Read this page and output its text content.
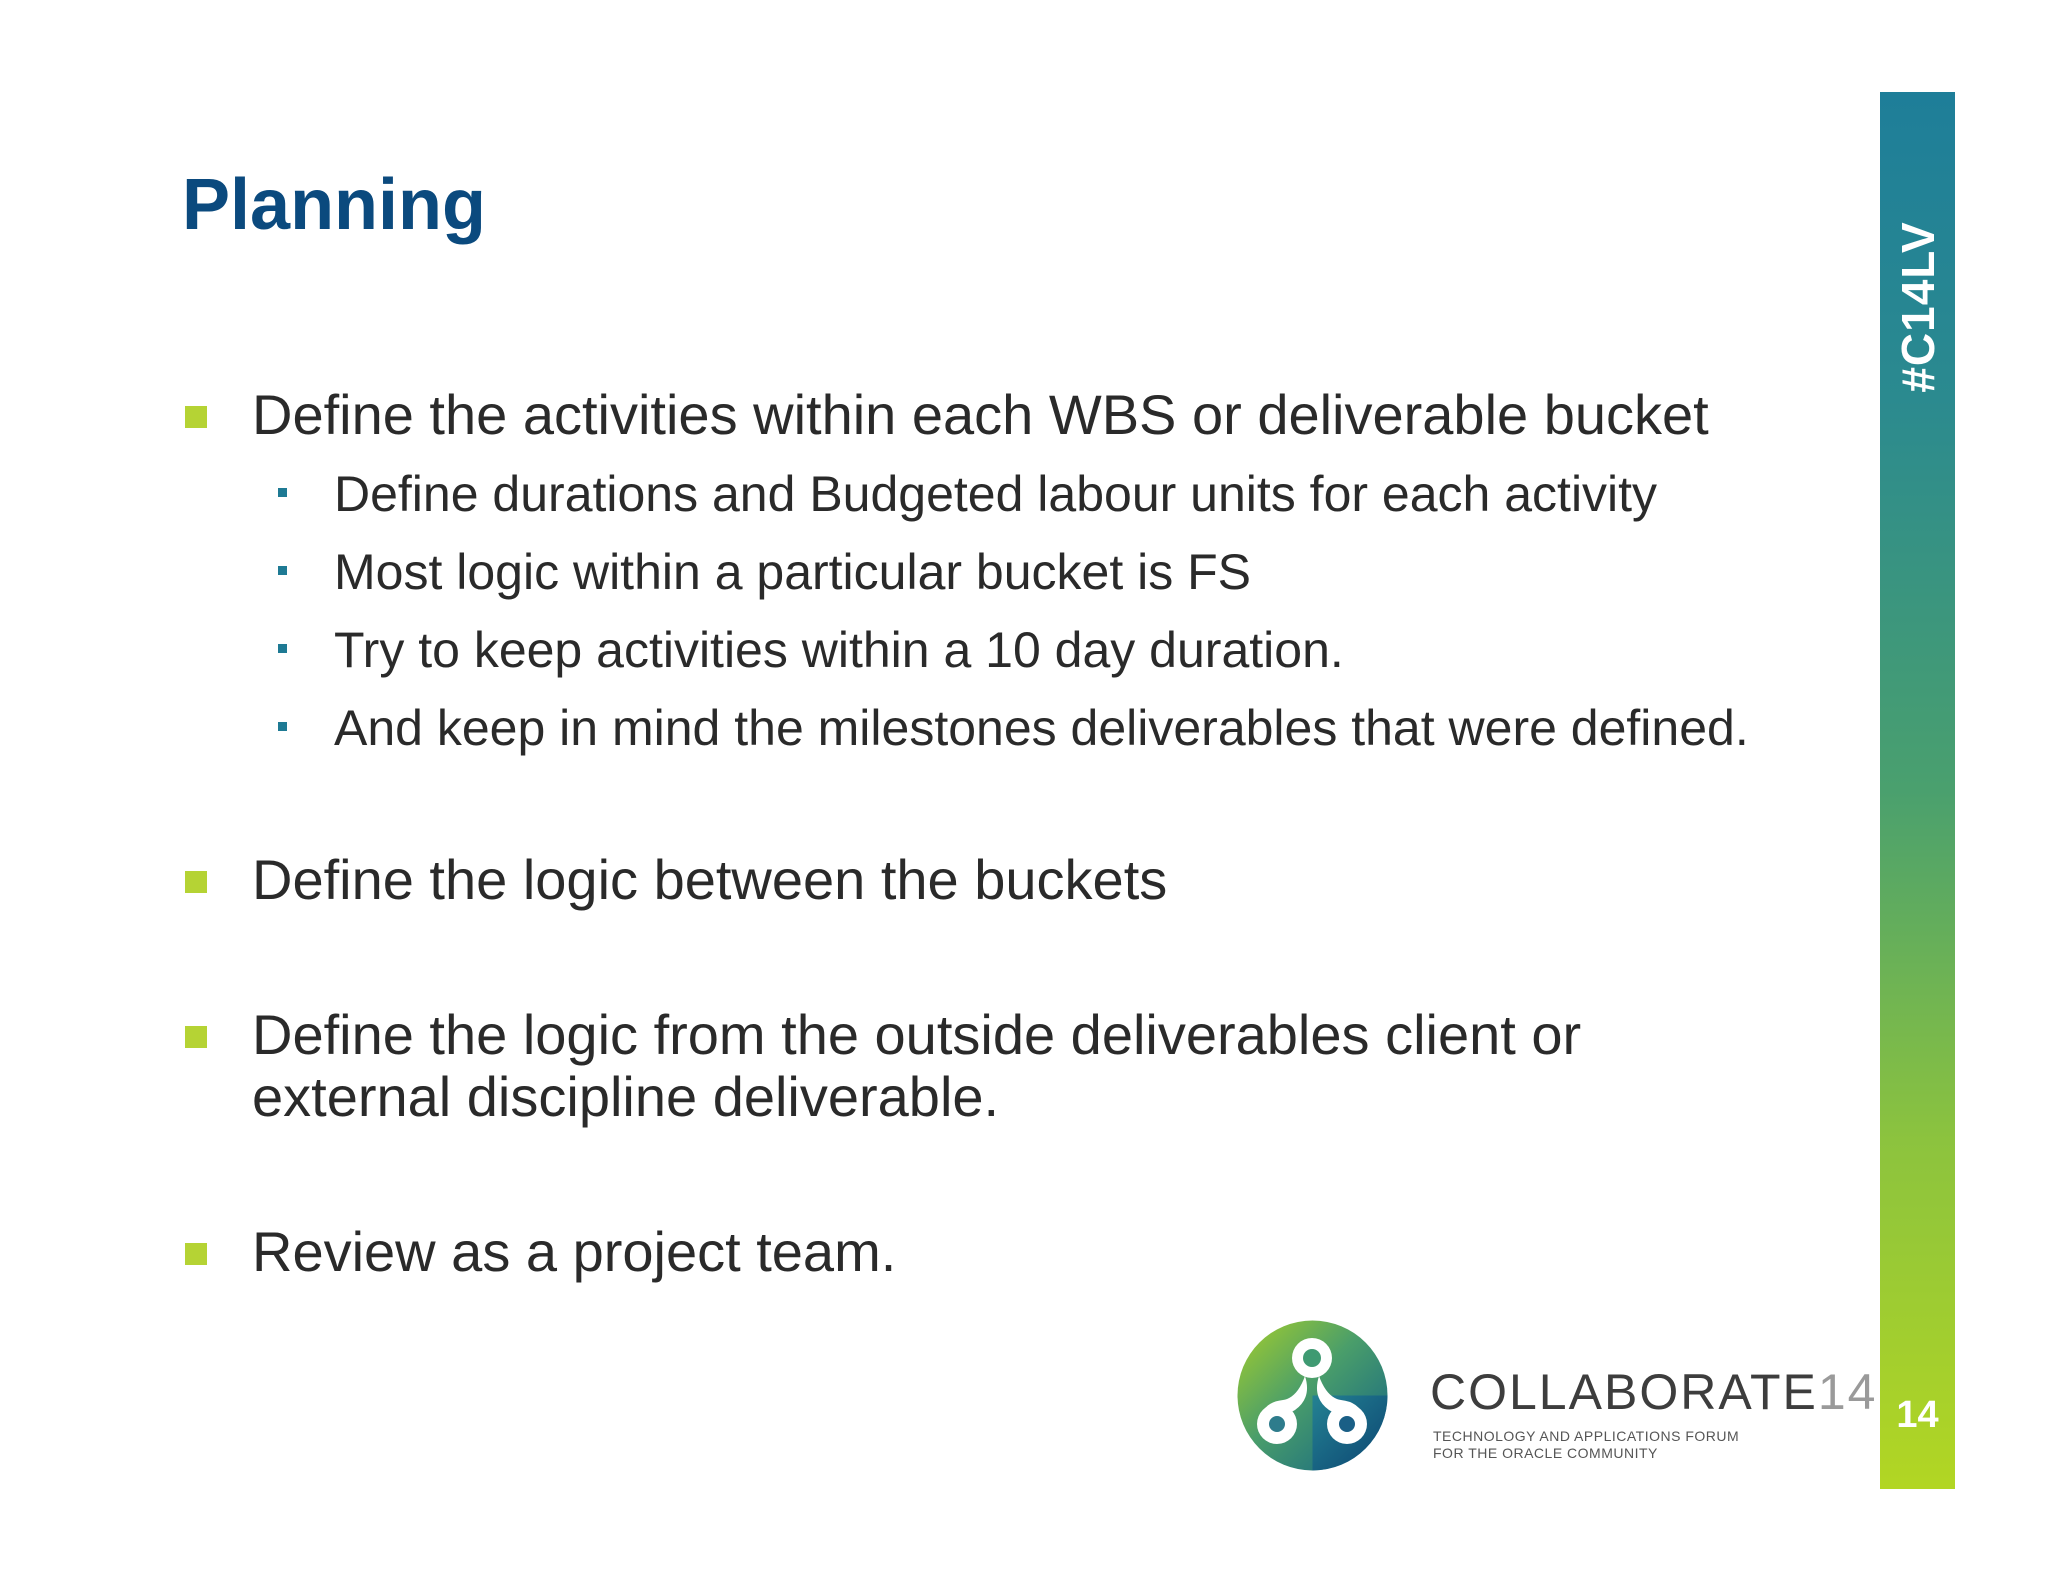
Planning
Define the activities within each WBS or deliverable bucket
Define durations and Budgeted labour units for each activity
Most logic within a particular bucket is FS
Try to keep activities within a 10 day duration.
And keep in mind the milestones deliverables that were defined.
Define the logic between the buckets
Define the logic from the outside deliverables client or external discipline deliverable.
Review as a project team.
#C14LV
14
COLLABORATE14
TECHNOLOGY AND APPLICATIONS FORUM
FOR THE ORACLE COMMUNITY
